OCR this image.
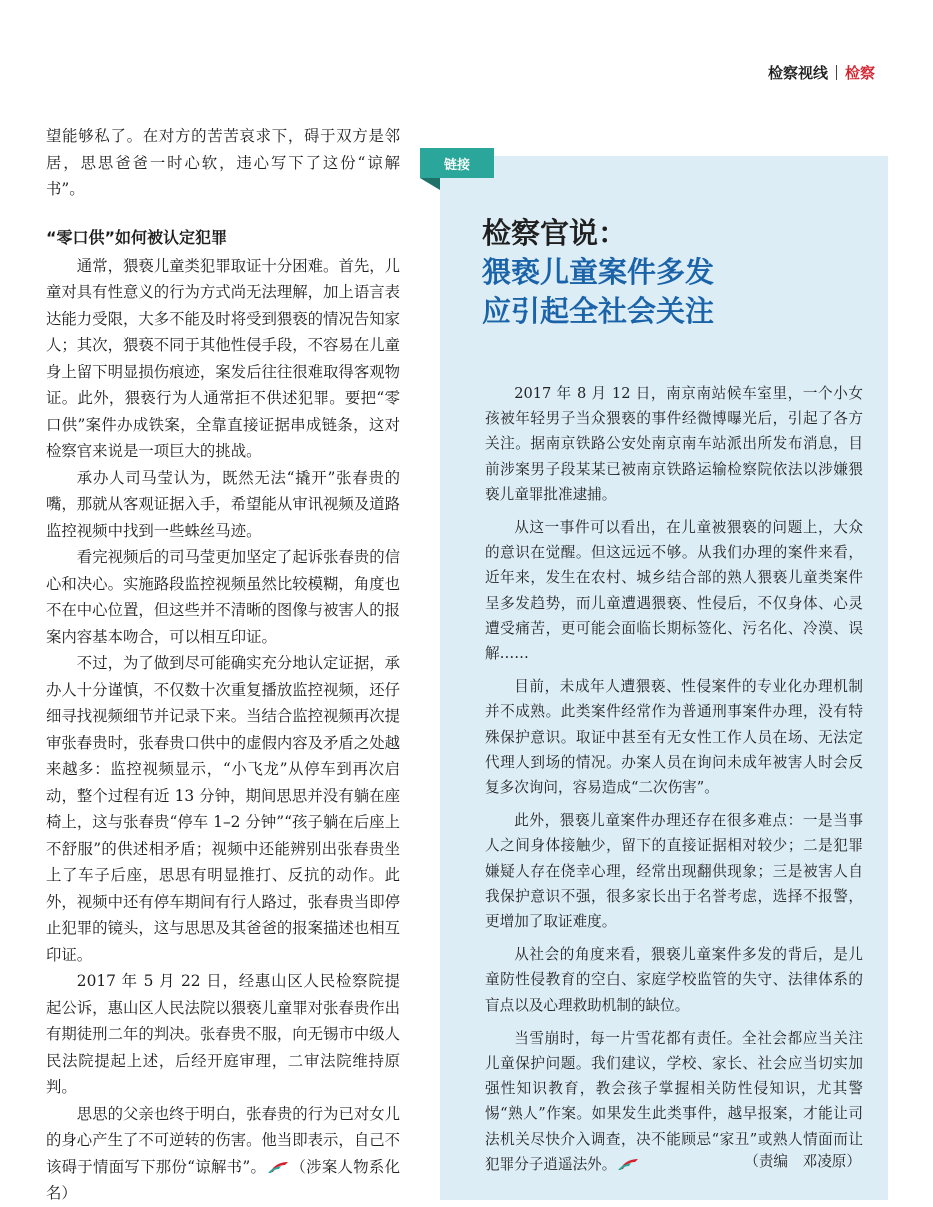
检察视线 检察

望能够私了。在对方的苦苦哀求下，碍于双方是邻居，思思爸爸一时心软，违心写下了这份“谅解书”。

“零口供”如何被认定犯罪

通常，猥亵儿童类犯罪取证十分困难。首先，儿童对具有性意义的行为方式尚无法理解，加上语言表达能力受限，大多不能及时将受到猥亵的情况告知家人；其次，猥亵不同于其他性侵手段，不容易在儿童身上留下明显损伤痕迹，案发后往往很难取得客观物证。此外，猥亵行为人通常拒不供述犯罪。要把“零口供”案件办成铁案，全靠直接证据串成链条，这对检察官来说是一项巨大的挑战。

承办人司马莹认为，既然无法“撬开”张春贵的嘴，那就从客观证据入手，希望能从审讯视频及道路监控视频中找到一些蛛丝马迹。

看完视频后的司马莹更加坚定了起诉张春贵的信心和决心。实施路段监控视频虽然比较模糊，角度也不在中心位置，但这些并不清晰的图像与被害人的报案内容基本吻合，可以相互印证。

不过，为了做到尽可能确实充分地认定证据，承办人十分谨慎，不仅数十次重复播放监控视频，还仔细寻找视频细节并记录下来。当结合监控视频再次提审张春贵时，张春贵口供中的虚假内容及矛盾之处越来越多：监控视频显示，“小飞龙”从停车到再次启动，整个过程有近 13 分钟，期间思思并没有躺在座椅上，这与张春贵“停车 1–2 分钟”“孩子躺在后座上不舒服”的供述相矛盾；视频中还能辨别出张春贵坐上了车子后座，思思有明显推打、反抗的动作。此外，视频中还有停车期间有行人路过，张春贵当即停止犯罪的镜头，这与思思及其爸爸的报案描述也相互印证。

2017 年 5 月 22 日，经惠山区人民检察院提起公诉，惠山区人民法院以猥亵儿童罪对张春贵作出有期徒刑二年的判决。张春贵不服，向无锡市中级人民法院提起上述，后经开庭审理，二审法院维持原判。

思思的父亲也终于明白，张春贵的行为已对女儿的身心产生了不可逆转的伤害。他当即表示，自己不该碍于情面写下那份“谅解书”。 （涉案人物系化名）

链接
检察官说：
猥亵儿童案件多发
应引起全社会关注

2017 年 8 月 12 日，南京南站候车室里，一个小女孩被年轻男子当众猥亵的事件经微博曝光后，引起了各方关注。据南京铁路公安处南京南车站派出所发布消息，目前涉案男子段某某已被南京铁路运输检察院依法以涉嫌猥亵儿童罪批准逮捕。

从这一事件可以看出，在儿童被猥亵的问题上，大众的意识在觉醒。但这远远不够。从我们办理的案件来看，近年来，发生在农村、城乡结合部的熟人猥亵儿童类案件呈多发趋势，而儿童遭遇猥亵、性侵后，不仅身体、心灵遭受痛苦，更可能会面临长期标签化、污名化、冷漠、误解……

目前，未成年人遭猥亵、性侵案件的专业化办理机制并不成熟。此类案件经常作为普通刑事案件办理，没有特殊保护意识。取证中甚至有无女性工作人员在场、无法定代理人到场的情况。办案人员在询问未成年被害人时会反复多次询问，容易造成“二次伤害”。

此外，猥亵儿童案件办理还存在很多难点：一是当事人之间身体接触少，留下的直接证据相对较少；二是犯罪嫌疑人存在侥幸心理，经常出现翻供现象；三是被害人自我保护意识不强，很多家长出于名誉考虑，选择不报警，更增加了取证难度。

从社会的角度来看，猥亵儿童案件多发的背后，是儿童防性侵教育的空白、家庭学校监管的失守、法律体系的盲点以及心理救助机制的缺位。

当雪崩时，每一片雪花都有责任。全社会都应当关注儿童保护问题。我们建议，学校、家长、社会应当切实加强性知识教育，教会孩子掌握相关防性侵知识，尤其警惕“熟人”作案。如果发生此类事件，越早报案，才能让司法机关尽快介入调查，决不能顾忌“家丑”或熟人情面而让犯罪分子逍遥法外。	（责编　邓凌原）
